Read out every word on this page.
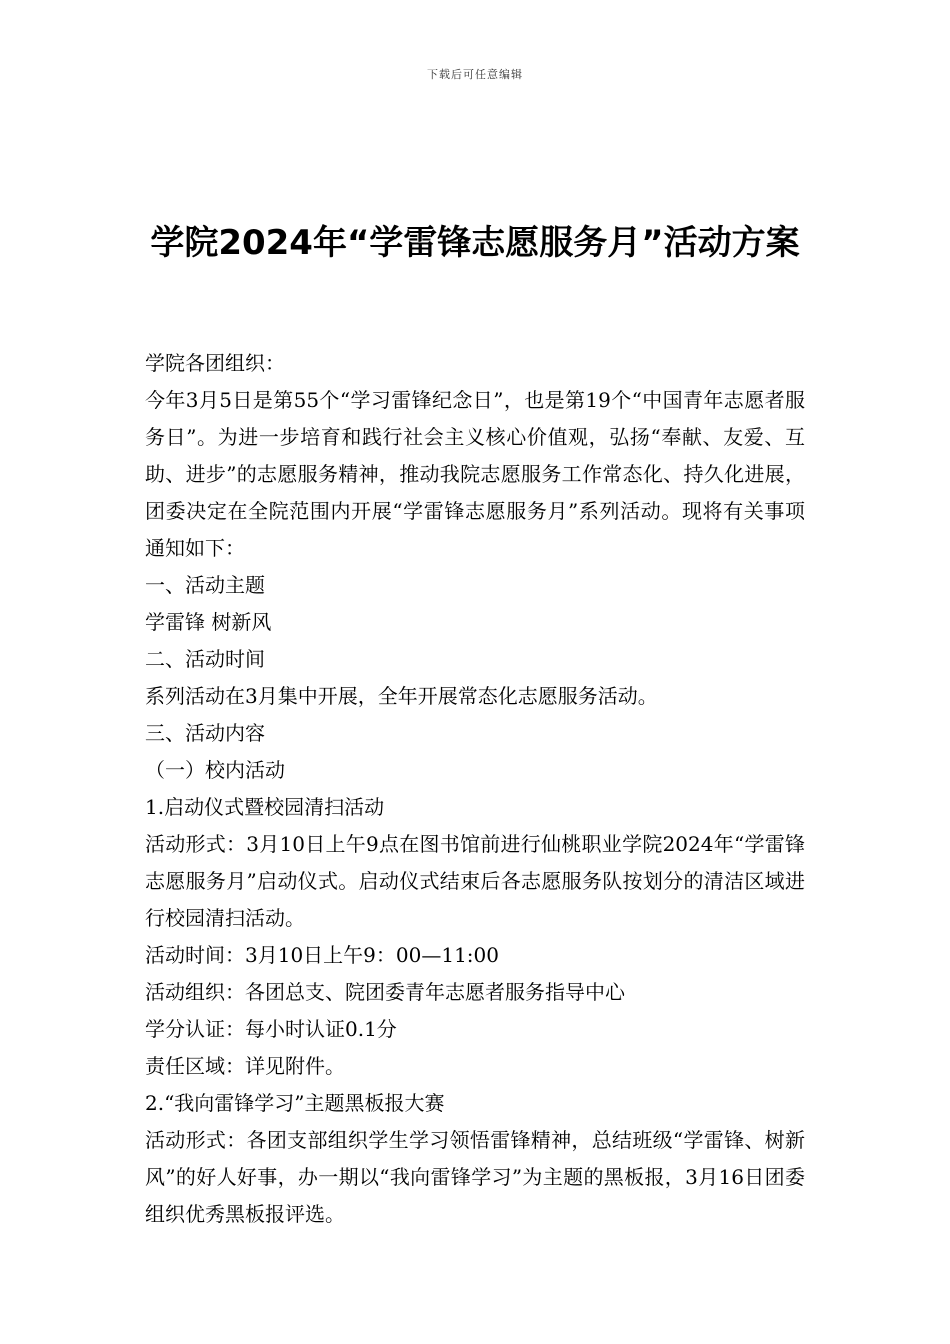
下载后可任意编辑
学院2024年“学雷锋志愿服务月”活动方案

学院各团组织：

今年3月5日是第55个“学习雷锋纪念日”，也是第19个“中国青年志愿者服务日”。为进一步培育和践行社会主义核心价值观，弘扬“奉献、友爱、互助、进步”的志愿服务精神，推动我院志愿服务工作常态化、持久化进展，团委决定在全院范围内开展“学雷锋志愿服务月”系列活动。现将有关事项通知如下：

一、活动主题

学雷锋 树新风

二、活动时间

系列活动在3月集中开展，全年开展常态化志愿服务活动。

三、活动内容

（一）校内活动

1.启动仪式暨校园清扫活动

活动形式：3月10日上午9点在图书馆前进行仙桃职业学院2024年“学雷锋志愿服务月”启动仪式。启动仪式结束后各志愿服务队按划分的清洁区域进行校园清扫活动。

活动时间：3月10日上午9：00—11:00

活动组织：各团总支、院团委青年志愿者服务指导中心

学分认证：每小时认证0.1分

责任区域：详见附件。

2.“我向雷锋学习”主题黑板报大赛

活动形式：各团支部组织学生学习领悟雷锋精神，总结班级“学雷锋、树新风”的好人好事，办一期以“我向雷锋学习”为主题的黑板报，3月16日团委组织优秀黑板报评选。
